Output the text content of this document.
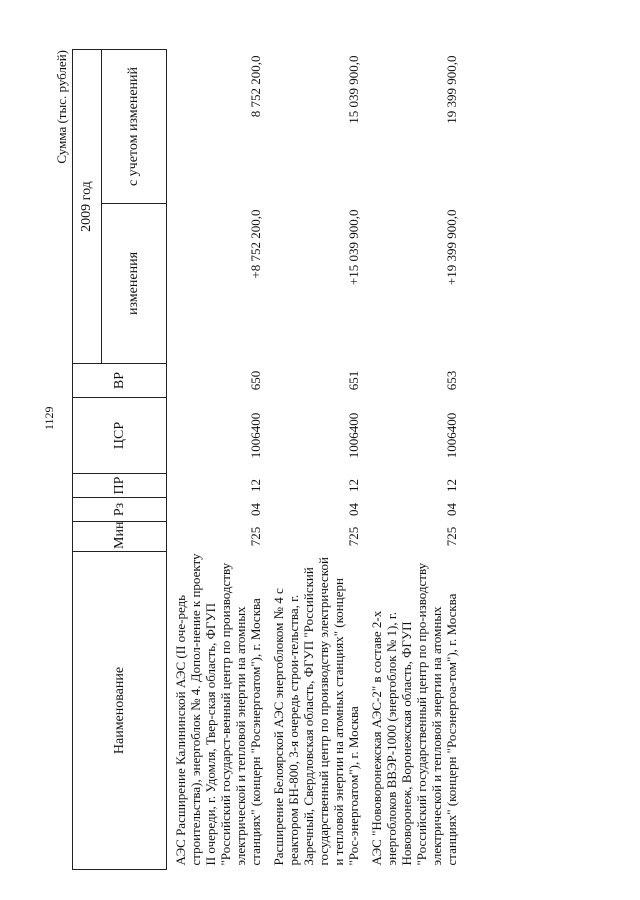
1129
Сумма (тыс. рублей)
Наименование	Мин	Рз	ПР	ЦСР	ВР	2009 год	
						изменения	с учетом изменений
АЭС Расширение Калининской АЭС (II оче-редь строительства), энергоблок № 4. Допол-нение к проекту II очереди, г. Удомля, Твер-ская область, ФГУП "Российский государст-венный центр по производству электрической и тепловой энергии на атомных станциях" (концерн "Росэнергоатом"), г. Москва	725	04	12	1006400	650	+8 752 200,0	8 752 200,0
Расширение Белоярской АЭС энергоблоком № 4 с реактором БН-800, 3-я очередь строи-тельства, г. Заречный, Свердловская область, ФГУП "Российский государственный центр по производству электрической и тепловой энергии на атомных станциях" (концерн "Рос-энергоатом"), г. Москва	725	04	12	1006400	651	+15 039 900,0	15 039 900,0
АЭС "Нововоронежская АЭС-2" в составе 2-х энергоблоков ВВЭР-1000 (энергоблок № 1), г. Нововоронеж, Воронежская область, ФГУП "Российский государственный центр по про-изводству электрической и тепловой энергии на атомных станциях" (концерн "Росэнергоа-том"), г. Москва	725	04	12	1006400	653	+19 399 900,0	19 399 900,0
